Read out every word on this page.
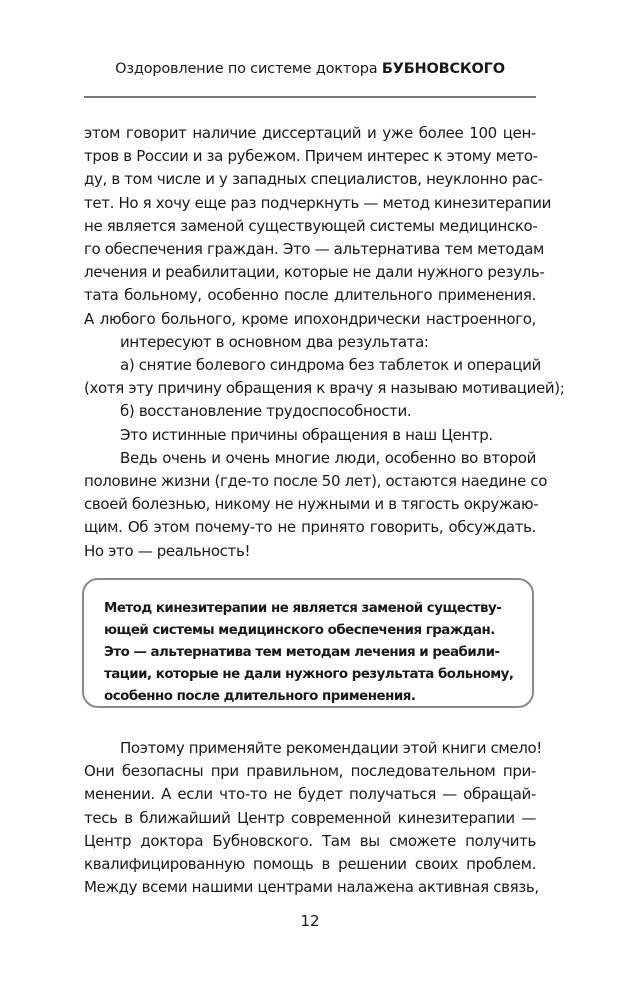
Оздоровление по системе доктора БУБНОВСКОГО
этом говорит наличие диссертаций и уже более 100 цен-
тров в России и за рубежом. Причем интерес к этому мето-
ду, в том числе и у западных специалистов, неуклонно рас-
тет. Но я хочу еще раз подчеркнуть — метод кинезитерапии
не является заменой существующей системы медицинско-
го обеспечения граждан. Это — альтернатива тем методам
лечения и реабилитации, которые не дали нужного резуль-
тата больному, особенно после длительного применения.
А любого больного, кроме ипохондрически настроенного,
интересуют в основном два результата:
а) снятие болевого синдрома без таблеток и операций
(хотя эту причину обращения к врачу я называю мотивацией);
б) восстановление трудоспособности.
Это истинные причины обращения в наш Центр.
Ведь очень и очень многие люди, особенно во второй
половине жизни (где-то после 50 лет), остаются наедине со
своей болезнью, никому не нужными и в тягость окружаю-
щим. Об этом почему-то не принято говорить, обсуждать.
Но это — реальность!
Метод кинезитерапии не является заменой существу-
ющей системы медицинского обеспечения граждан.
Это — альтернатива тем методам лечения и реабили-
тации, которые не дали нужного результата больному,
особенно после длительного применения.
Поэтому применяйте рекомендации этой книги смело!
Они безопасны при правильном, последовательном при-
менении. А если что-то не будет получаться — обращай-
тесь в ближайший Центр современной кинезитерапии —
Центр доктора Бубновского. Там вы сможете получить
квалифицированную помощь в решении своих проблем.
Между всеми нашими центрами налажена активная связь,
12
